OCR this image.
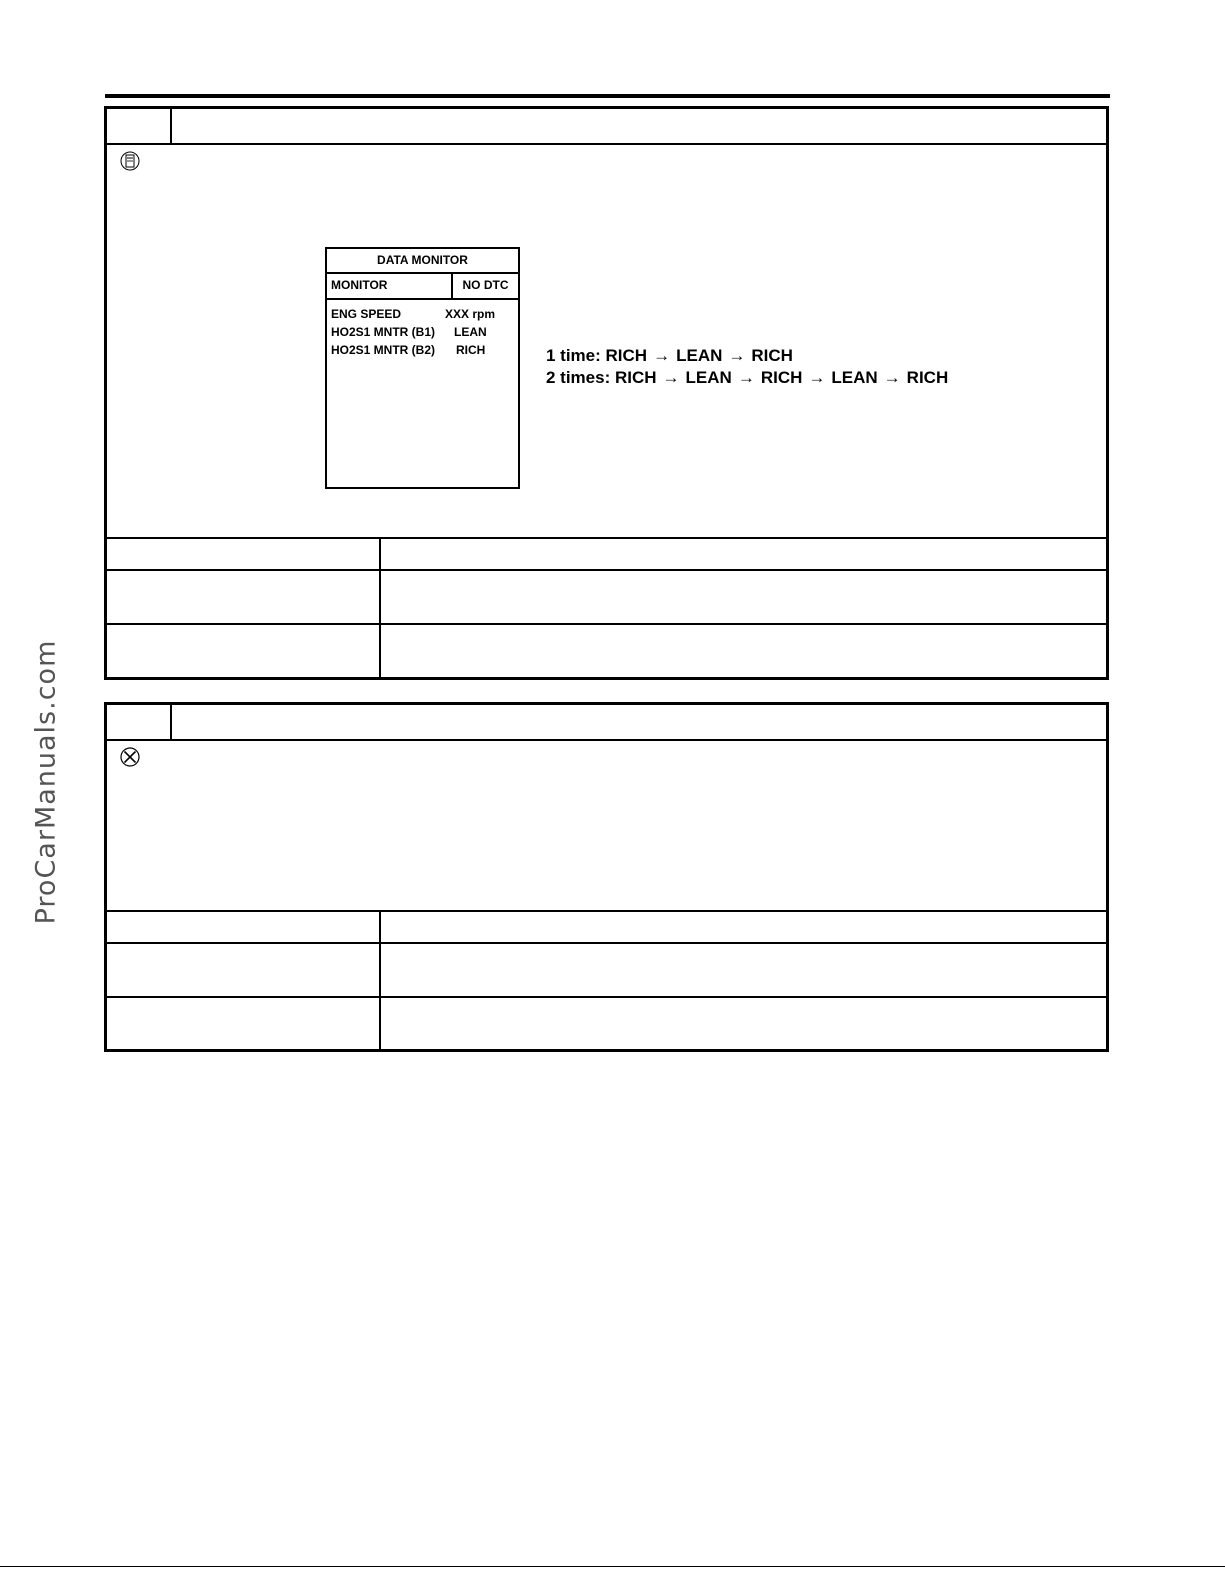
DATA MONITOR
MONITOR	NO DTC
ENG SPEED	XXX rpm
HO2S1 MNTR (B1) LEAN
HO2S1 MNTR (B2) RICH	1 time: RICH → LEAN → RICH
2 times: RICH → LEAN → RICH → LEAN → RICH
ProCarManuals.com
